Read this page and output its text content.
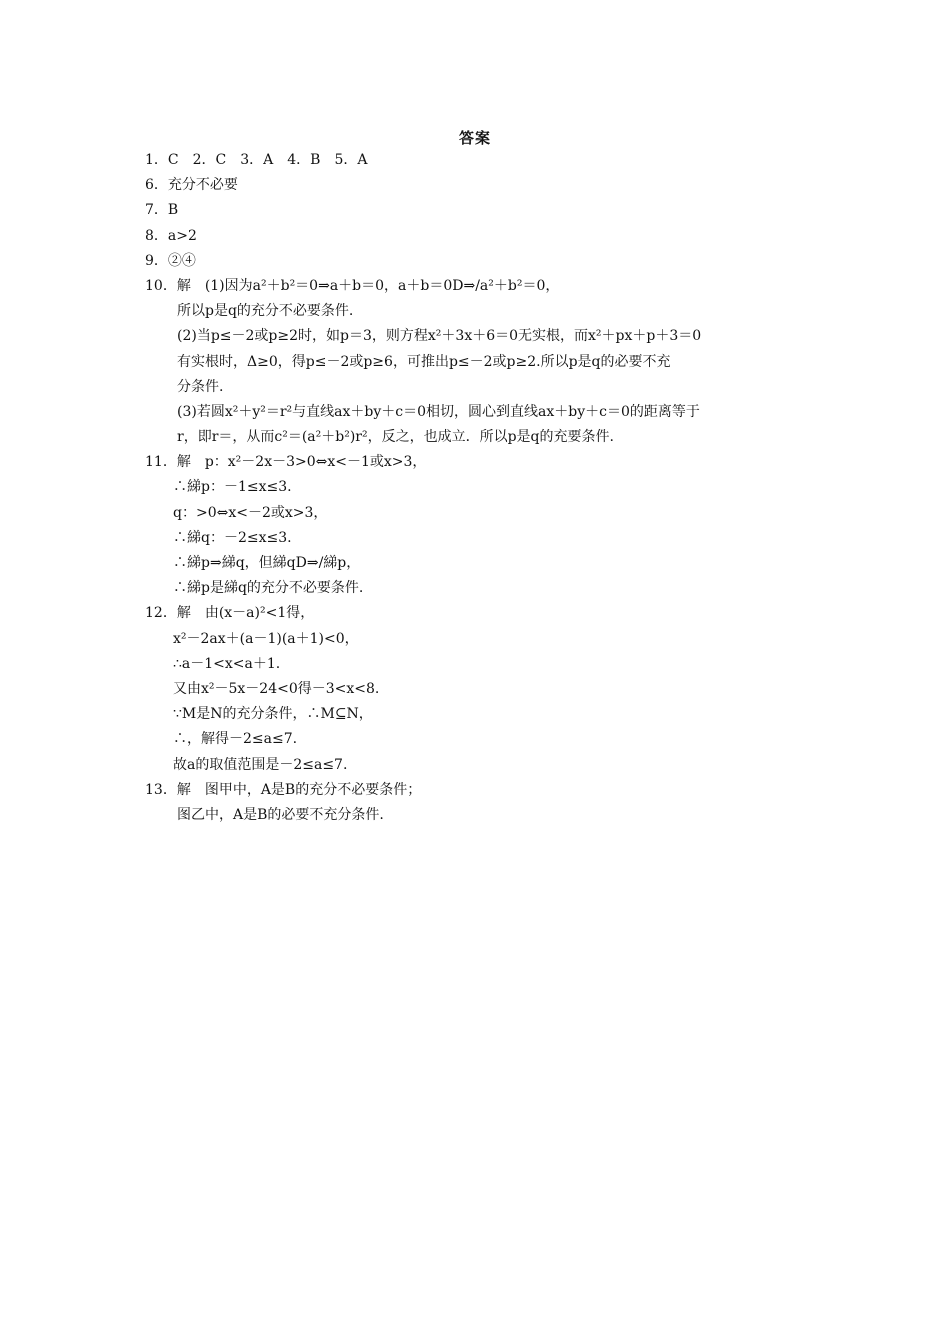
答案
1．C　2．C　3．A　4．B　5．A
6．充分不必要
7．B
8．a>2
9．②④
10．解　(1)因为a²＋b²＝0⇒a＋b＝0，a＋b＝0D⇒/a²＋b²＝0，
所以p是q的充分不必要条件.
(2)当p≤－2或p≥2时，如p＝3，则方程x²＋3x＋6＝0无实根，而x²＋px＋p＋3＝0
有实根时，Δ≥0，得p≤－2或p≥6，可推出p≤－2或p≥2.所以p是q的必要不充
分条件.
(3)若圆x²＋y²＝r²与直线ax＋by＋c＝0相切，圆心到直线ax＋by＋c＝0的距离等于
r，即r＝，从而c²＝(a²＋b²)r²，反之，也成立．所以p是q的充要条件.
11．解　p：x²－2x－3>0⇔x<－1或x>3，
∴綈p：－1≤x≤3.
q：>0⇔x<－2或x>3，
∴綈q：－2≤x≤3.
∴綈p⇒綈q，但綈qD⇒/綈p，
∴綈p是綈q的充分不必要条件.
12．解　由(x－a)²<1得，
x²－2ax＋(a－1)(a＋1)<0，
∴a－1<x<a＋1.
又由x²－5x－24<0得－3<x<8.
∵M是N的充分条件，∴M⊆N，
∴，解得－2≤a≤7.
故a的取值范围是－2≤a≤7.
13．解　图甲中，A是B的充分不必要条件；
图乙中，A是B的必要不充分条件.
